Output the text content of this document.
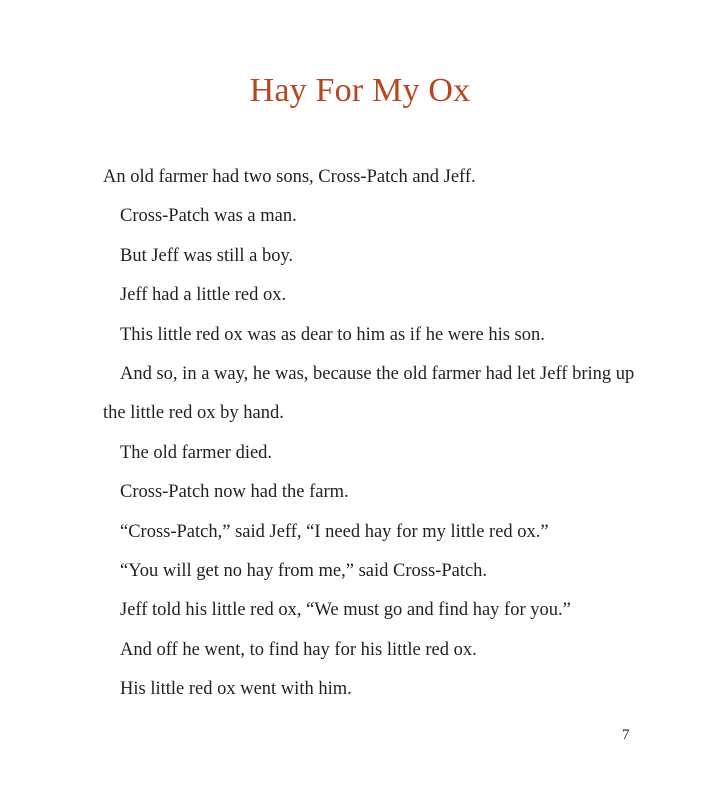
Hay For My Ox

An old farmer had two sons, Cross-Patch and Jeff.

Cross-Patch was a man.

But Jeff was still a boy.

Jeff had a little red ox.

This little red ox was as dear to him as if he were his son.

And so, in a way, he was, because the old farmer had let Jeff bring up the little red ox by hand.

The old farmer died.

Cross-Patch now had the farm.

“Cross-Patch,” said Jeff, “I need hay for my little red ox.”

“You will get no hay from me,” said Cross-Patch.

Jeff told his little red ox, “We must go and find hay for you.”

And off he went, to find hay for his little red ox.

His little red ox went with him.

7
